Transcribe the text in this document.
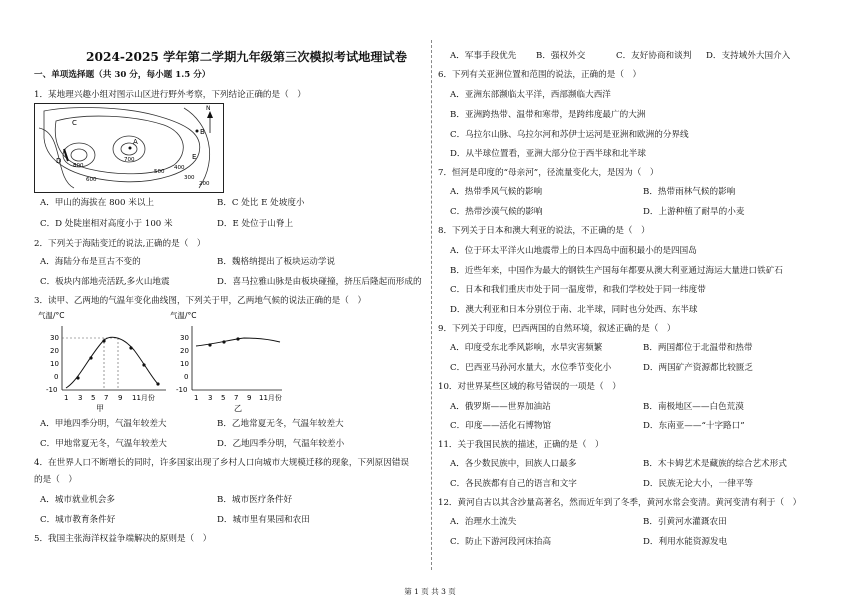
2024-2025 学年第二学期九年级第三次模拟考试地理试卷
一、单项选择题（共 30 分，每小题 1.5 分）
1．某地理兴趣小组对图示山区进行野外考察，下列结论正确的是（　）
C
B
A
D	E
700
800
600
500
400
300
200
N
A．甲山的海拔在 800 米以上	B．C 处比 E 处坡度小
C．D 处陡崖相对高度小于 100 米	D．E 处位于山脊上
2．下列关于海陆变迁的说法,正确的是（　）
A．海陆分布是亘古不变的	B．魏格纳提出了板块运动学说
C．板块内部地壳活跃,多火山地震	D．喜马拉雅山脉是由板块碰撞，挤压后隆起而形成的
3．读甲、乙两地的气温年变化曲线图，下列关于甲，乙两地气候的说法正确的是（　）
气温/°C
30
20
10
0
-10
1 3 5 7 9 11月份
甲
气温/°C
30
20
10
0
-10
1 3 5 7 9 11月份
乙
A．甲地四季分明，气温年较差大	B．乙地常夏无冬，气温年较差大
C．甲地常夏无冬，气温年较差大	D．乙地四季分明，气温年较差小
4．在世界人口不断增长的同时，许多国家出现了乡村人口向城市大规模迁移的现象，下列原因错误
的是（　）
A．城市就业机会多	B．城市医疗条件好
C．城市教育条件好	D．城市里有果园和农田
5．我国主张海洋权益争端解决的原则是（　）
A．军事手段优先 B．强权外交	C．友好协商和谈判 D．支持域外大国介入
6．下列有关亚洲位置和范围的说法，正确的是（　）
A．亚洲东部濒临太平洋，西部濒临大西洋
B．亚洲跨热带、温带和寒带，是跨纬度最广的大洲
C．乌拉尔山脉、乌拉尔河和苏伊士运河是亚洲和欧洲的分界线
D．从半球位置看，亚洲大部分位于西半球和北半球
7．恒河是印度的“母亲河”，径流量变化大，是因为（　）
A．热带季风气候的影响	B．热带雨林气候的影响
C．热带沙漠气候的影响	D．上游种植了耐旱的小麦
8．下列关于日本和澳大利亚的说法，不正确的是（　）
A．位于环太平洋火山地震带上的日本四岛中面积最小的是四国岛
B．近些年来，中国作为最大的钢铁生产国每年都要从澳大利亚通过海运大量进口铁矿石
C．日本和我们重庆市处于同一温度带，和我们学校处于同一纬度带
D．澳大利亚和日本分别位于南、北半球，同时也分处西、东半球
9．下列关于印度，巴西两国的自然环境，叙述正确的是（　）
A．印度受东北季风影响，水旱灾害频繁	B．两国都位于北温带和热带
C．巴西亚马孙河水量大，水位季节变化小	D．两国矿产资源都比较匮乏
10．对世界某些区域的称号错误的一项是（　）
A．俄罗斯——世界加油站	B．南极地区——白色荒漠
C．印度——活化石博物馆	D．东南亚——“十字路口”
11．关于我国民族的描述，正确的是（　）
A．各少数民族中，回族人口最多	B．木卡姆艺术是藏族的综合艺术形式
C．各民族都有自己的语言和文字	D．民族无论大小，一律平等
12．黄河自古以其含沙量高著名，然而近年到了冬季，黄河水常会变清。黄河变清有利于（　）
A．治理水土流失	B．引黄河水灌溉农田
C．防止下游河段河床抬高	D．利用水能资源发电
第 1 页 共 3 页
